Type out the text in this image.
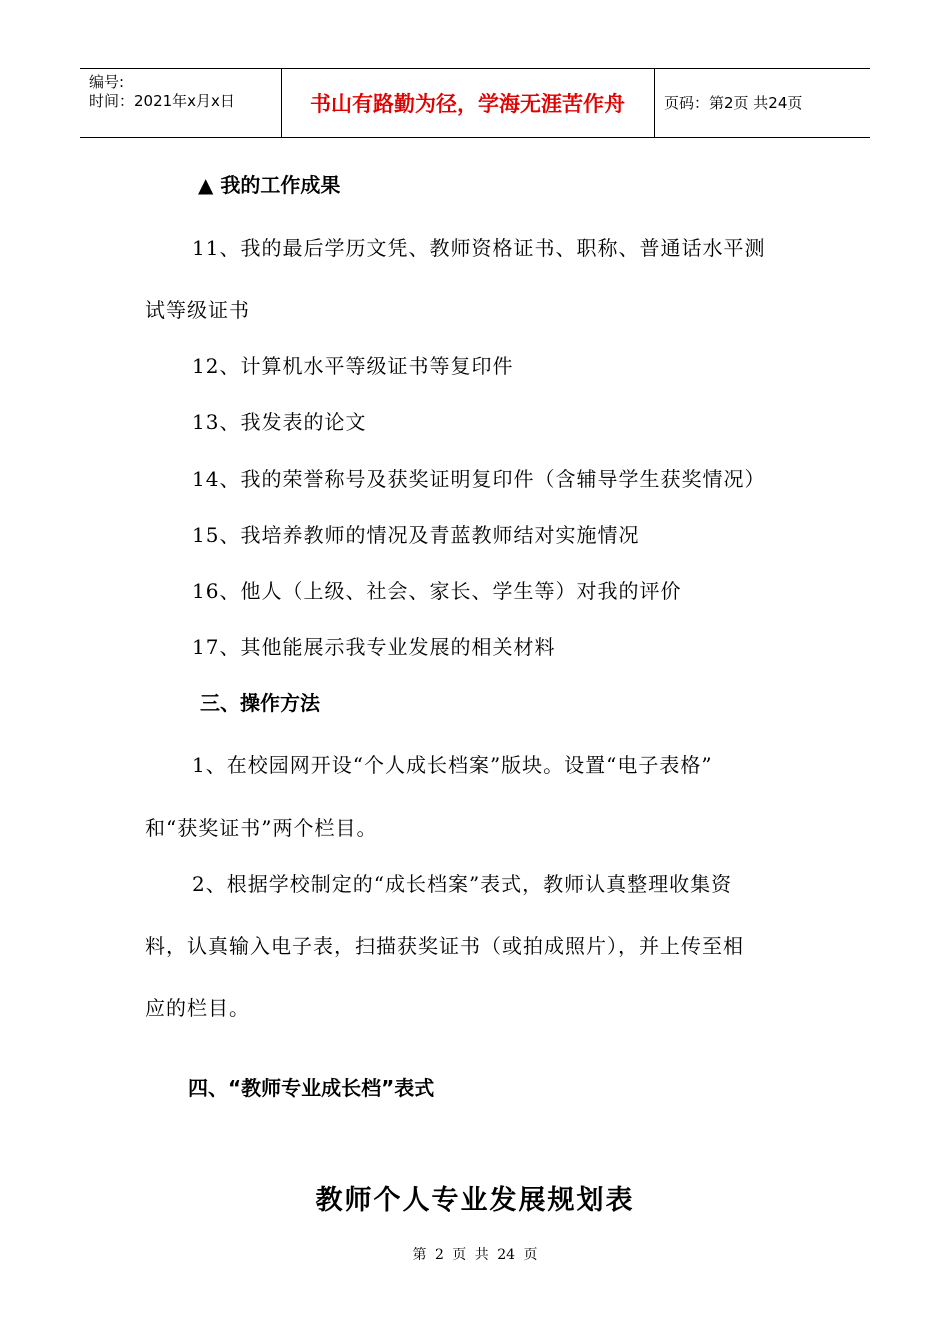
编号:
时间：2021年x月x日	书山有路勤为径，学海无涯苦作舟	页码：第2页 共24页
▲ 我的工作成果
11、我的最后学历文凭、教师资格证书、职称、普通话水平测
试等级证书
12、计算机水平等级证书等复印件
13、我发表的论文
14、我的荣誉称号及获奖证明复印件（含辅导学生获奖情况）
15、我培养教师的情况及青蓝教师结对实施情况
16、他人（上级、社会、家长、学生等）对我的评价
17、其他能展示我专业发展的相关材料
三、操作方法
1、在校园网开设“个人成长档案”版块。设置“电子表格”
和“获奖证书”两个栏目。
2、根据学校制定的“成长档案”表式，教师认真整理收集资
料，认真输入电子表，扫描获奖证书（或拍成照片），并上传至相
应的栏目。
四、“教师专业成长档”表式
教师个人专业发展规划表
第 2 页 共 24 页
